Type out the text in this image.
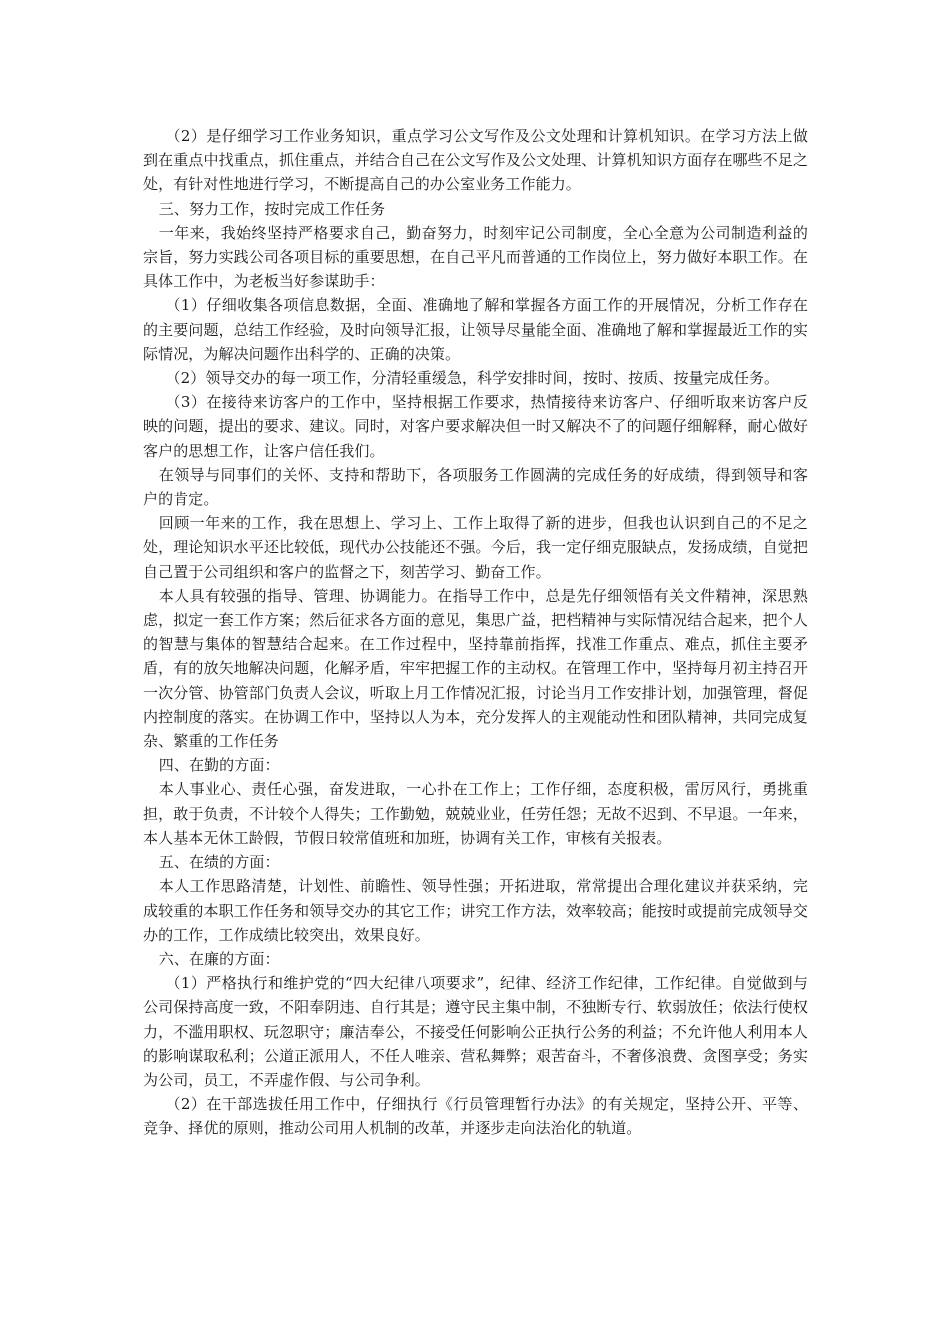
（2）是仔细学习工作业务知识，重点学习公文写作及公文处理和计算机知识。在学习方法上做到在重点中找重点，抓住重点，并结合自己在公文写作及公文处理、计算机知识方面存在哪些不足之处，有针对性地进行学习，不断提高自己的办公室业务工作能力。

三、努力工作，按时完成工作任务

一年来，我始终坚持严格要求自己，勤奋努力，时刻牢记公司制度，全心全意为公司制造利益的宗旨，努力实践公司各项目标的重要思想，在自己平凡而普通的工作岗位上，努力做好本职工作。在具体工作中，为老板当好参谋助手：

（1）仔细收集各项信息数据，全面、准确地了解和掌握各方面工作的开展情况，分析工作存在的主要问题，总结工作经验，及时向领导汇报，让领导尽量能全面、准确地了解和掌握最近工作的实际情况，为解决问题作出科学的、正确的决策。

（2）领导交办的每一项工作，分清轻重缓急，科学安排时间，按时、按质、按量完成任务。

（3）在接待来访客户的工作中，坚持根据工作要求，热情接待来访客户、仔细听取来访客户反映的问题，提出的要求、建议。同时，对客户要求解决但一时又解决不了的问题仔细解释，耐心做好客户的思想工作，让客户信任我们。

在领导与同事们的关怀、支持和帮助下，各项服务工作圆满的完成任务的好成绩，得到领导和客户的肯定。

回顾一年来的工作，我在思想上、学习上、工作上取得了新的进步，但我也认识到自己的不足之处，理论知识水平还比较低，现代办公技能还不强。今后，我一定仔细克服缺点，发扬成绩，自觉把自己置于公司组织和客户的监督之下，刻苦学习、勤奋工作。

本人具有较强的指导、管理、协调能力。在指导工作中，总是先仔细领悟有关文件精神，深思熟虑，拟定一套工作方案；然后征求各方面的意见，集思广益，把档精神与实际情况结合起来，把个人的智慧与集体的智慧结合起来。在工作过程中，坚持靠前指挥，找准工作重点、难点，抓住主要矛盾，有的放矢地解决问题，化解矛盾，牢牢把握工作的主动权。在管理工作中，坚持每月初主持召开一次分管、协管部门负责人会议，听取上月工作情况汇报，讨论当月工作安排计划，加强管理，督促内控制度的落实。在协调工作中，坚持以人为本，充分发挥人的主观能动性和团队精神，共同完成复杂、繁重的工作任务

四、在勤的方面：

本人事业心、责任心强，奋发进取，一心扑在工作上；工作仔细，态度积极，雷厉风行，勇挑重担，敢于负责，不计较个人得失；工作勤勉，兢兢业业，任劳任怨；无故不迟到、不早退。一年来，本人基本无休工龄假，节假日较常值班和加班，协调有关工作，审核有关报表。

五、在绩的方面：

本人工作思路清楚，计划性、前瞻性、领导性强；开拓进取，常常提出合理化建议并获采纳，完成较重的本职工作任务和领导交办的其它工作；讲究工作方法，效率较高；能按时或提前完成领导交办的工作，工作成绩比较突出，效果良好。

六、在廉的方面：

（1）严格执行和维护党的“四大纪律八项要求”，纪律、经济工作纪律，工作纪律。自觉做到与公司保持高度一致，不阳奉阴违、自行其是；遵守民主集中制，不独断专行、软弱放任；依法行使权力，不滥用职权、玩忽职守；廉洁奉公，不接受任何影响公正执行公务的利益；不允许他人利用本人的影响谋取私利；公道正派用人，不任人唯亲、营私舞弊；艰苦奋斗，不奢侈浪费、贪图享受；务实为公司，员工，不弄虚作假、与公司争利。

（2）在干部选拔任用工作中，仔细执行《行员管理暂行办法》的有关规定，坚持公开、平等、竞争、择优的原则，推动公司用人机制的改革，并逐步走向法治化的轨道。
